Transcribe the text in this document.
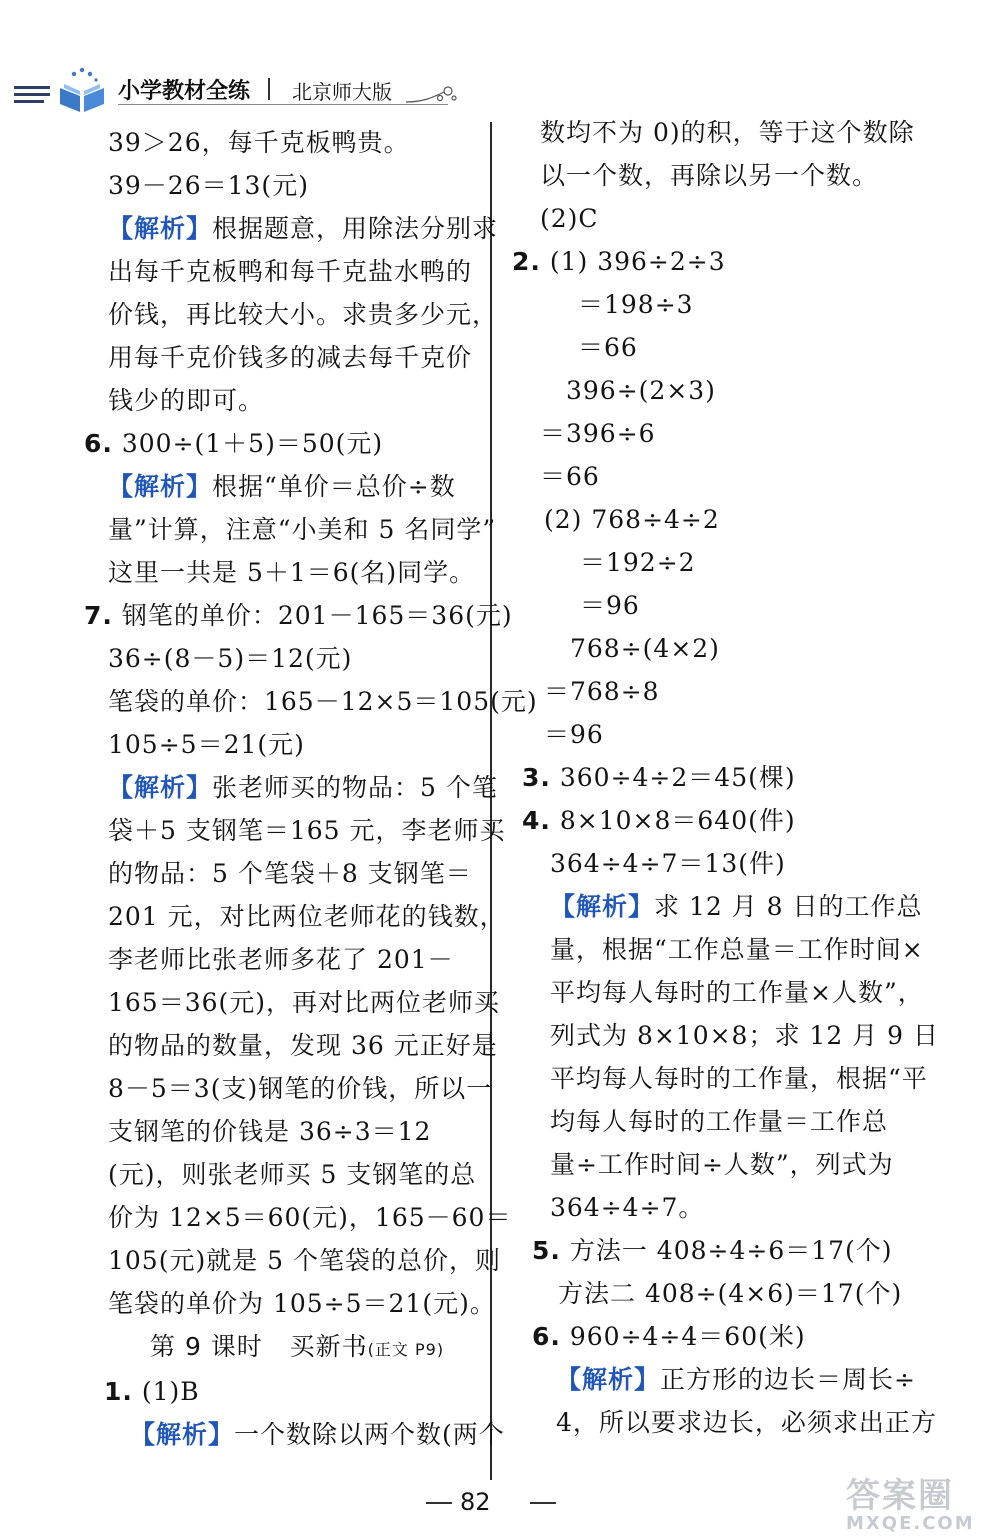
小学教材全练 北京师大版
39＞26，每千克板鸭贵。
39－26＝13(元)
【解析】根据题意，用除法分别求
出每千克板鸭和每千克盐水鸭的
价钱，再比较大小。求贵多少元，
用每千克价钱多的减去每千克价
钱少的即可。
6. 300÷(1＋5)＝50(元)
【解析】根据“单价＝总价÷数
量”计算，注意“小美和 5 名同学”
这里一共是 5＋1＝6(名)同学。
7. 钢笔的单价：201－165＝36(元)
36÷(8－5)＝12(元)
笔袋的单价：165－12×5＝105(元)
105÷5＝21(元)
【解析】张老师买的物品：5 个笔
袋＋5 支钢笔＝165 元，李老师买
的物品：5 个笔袋＋8 支钢笔＝
201 元，对比两位老师花的钱数，
李老师比张老师多花了 201－
165＝36(元)，再对比两位老师买
的物品的数量，发现 36 元正好是
8－5＝3(支)钢笔的价钱，所以一
支钢笔的价钱是 36÷3＝12
(元)，则张老师买 5 支钢笔的总
价为 12×5＝60(元)，165－60＝
105(元)就是 5 个笔袋的总价，则
笔袋的单价为 105÷5＝21(元)。
第 9 课时 买新书(正文 P9)
1. (1)B
【解析】一个数除以两个数(两个
数均不为 0)的积，等于这个数除
以一个数，再除以另一个数。
(2)C
2. (1) 396÷2÷3
＝198÷3
＝66
396÷(2×3)
＝396÷6
＝66
(2) 768÷4÷2
＝192÷2
＝96
768÷(4×2)
＝768÷8
＝96
3. 360÷4÷2＝45(棵)
4. 8×10×8＝640(件)
364÷4÷7＝13(件)
【解析】求 12 月 8 日的工作总
量，根据“工作总量＝工作时间×
平均每人每时的工作量×人数”，
列式为 8×10×8；求 12 月 9 日
平均每人每时的工作量，根据“平
均每人每时的工作量＝工作总
量÷工作时间÷人数”，列式为
364÷4÷7。
5. 方法一 408÷4÷6＝17(个)
方法二 408÷(4×6)＝17(个)
6. 960÷4÷4＝60(米)
【解析】正方形的边长＝周长÷
4，所以要求边长，必须求出正方
82	答案圈
MXQE.COM
